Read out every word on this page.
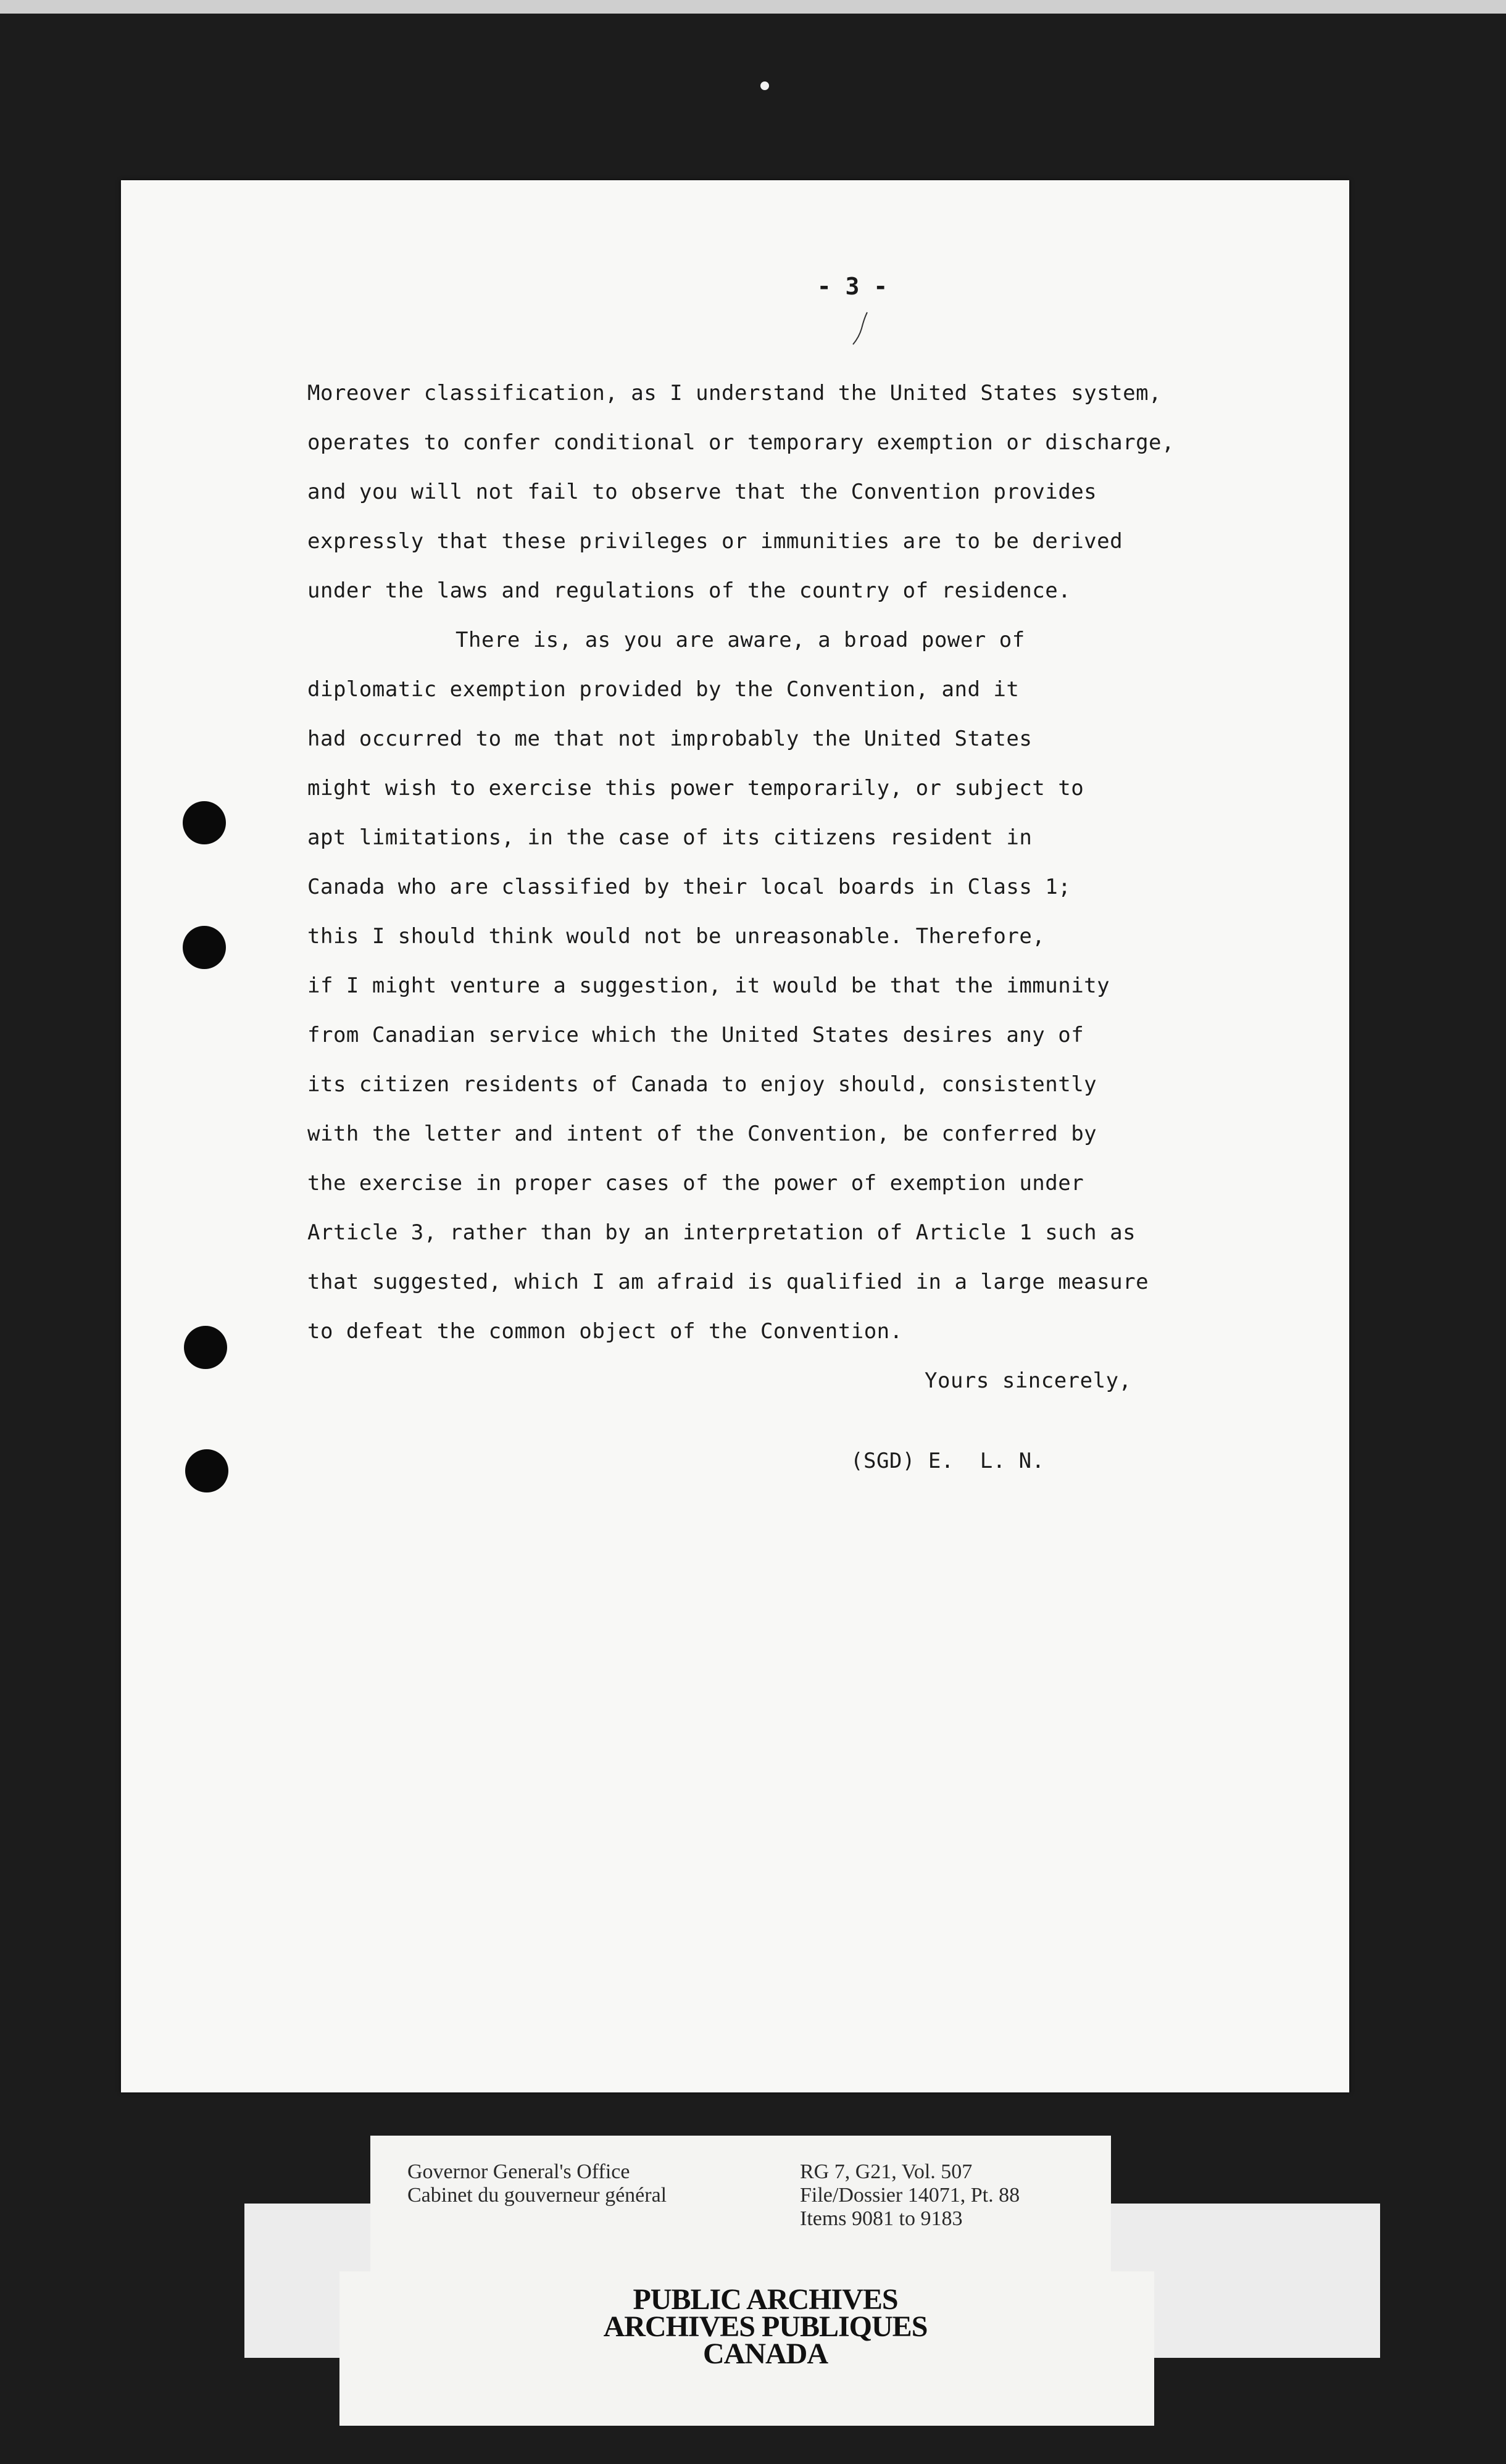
- 3 -
Moreover classification, as I understand the United States system,
operates to confer conditional or temporary exemption or discharge,
and you will not fail to observe that the Convention provides
expressly that these privileges or immunities are to be derived
under the laws and regulations of the country of residence.
There is, as you are aware, a broad power of
diplomatic exemption provided by the Convention, and it
had occurred to me that not improbably the United States
might wish to exercise this power temporarily, or subject to
apt limitations, in the case of its citizens resident in
Canada who are classified by their local boards in Class 1;
this I should think would not be unreasonable. Therefore,
if I might venture a suggestion, it would be that the immunity
from Canadian service which the United States desires any of
its citizen residents of Canada to enjoy should, consistently
with the letter and intent of the Convention, be conferred by
the exercise in proper cases of the power of exemption under
Article 3, rather than by an interpretation of Article 1 such as
that suggested, which I am afraid is qualified in a large measure
to defeat the common object of the Convention.
Yours sincerely,
(SGD) E.  L. N.
Governor General's Office
Cabinet du gouverneur général
RG 7, G21, Vol. 507
File/Dossier 14071, Pt. 88
Items 9081 to 9183
PUBLIC ARCHIVES
ARCHIVES PUBLIQUES
CANADA
